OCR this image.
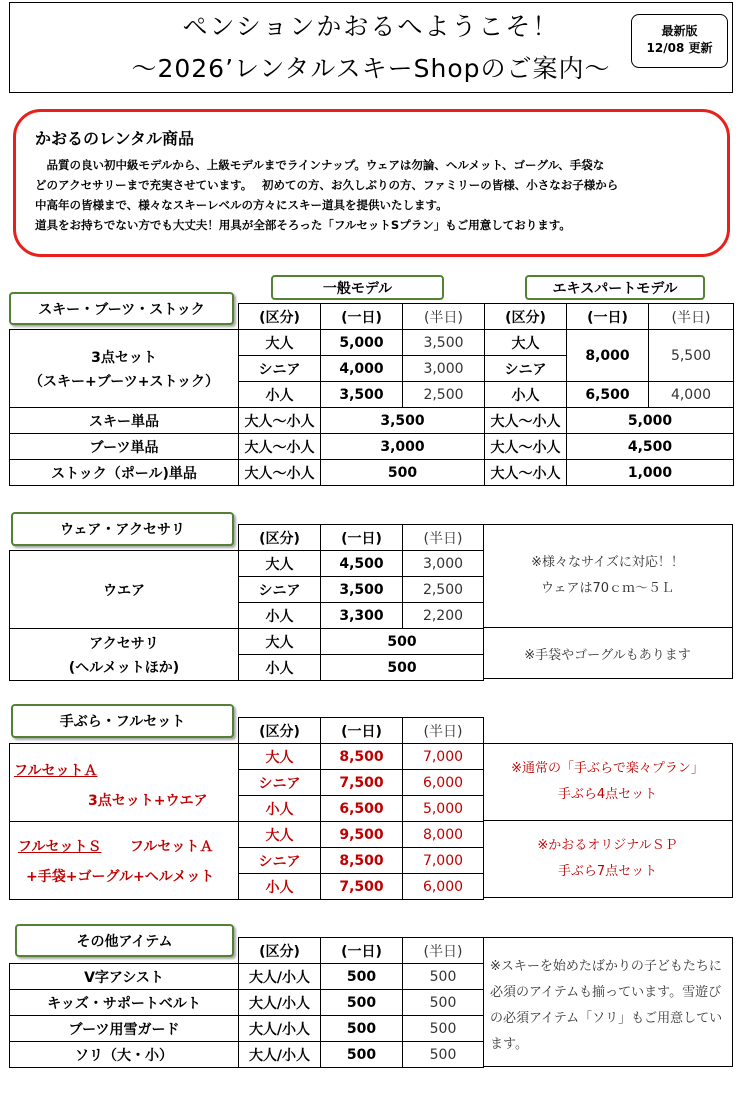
ペンションかおるへようこそ！
～2026’レンタルスキーShopのご案内～
最新版
12/08 更新
かおるのレンタル商品
　品質の良い初中級モデルから、上級モデルまでラインナップ。ウェアは勿論、ヘルメット、ゴーグル、手袋な
どのアクセサリーまで充実させています。　 初めての方、お久しぶりの方、ファミリーの皆様、小さなお子様から
中高年の皆様まで、様々なスキーレベルの方々にスキー道具を提供いたします。
道具をお持ちでない方でも大丈夫！用具が全部そろった「フルセットSプラン」もご用意しております。
一般モデル	エキスパートモデル
スキー・ブーツ・ストック
		(区分)	(一日)	(半日)	(区分)	(一日)	(半日)

3点セット
（スキー+ブーツ+ストック）	大人	5,000	3,500	大人	8,000	5,500
	シニア	4,000	3,000	シニア		
	小人	3,500	2,500	小人	6,500	4,000
スキー単品	大人～小人	3,500		大人～小人	5,000	
ブーツ単品	大人～小人	3,000		大人～小人	4,500	
ストック（ポール)単品	大人～小人	500		大人～小人	1,000	
ウェア・アクセサリ
	(区分)	(一日)	(半日)
ウエア	大人	4,500	3,000
	シニア	3,500	2,500
	小人	3,300	2,200

アクセサリ
(ヘルメットほか)	大人	500	
	小人	500	
※様々なサイズに対応！！
ウェアは70ｃｍ～５Ｌ
※手袋やゴーグルもあります
手ぶら・フルセット
	(区分)	(一日)	(半日)

フルセットＡ
3点セット+ウエア	大人	8,500	7,000
	シニア	7,500	6,000
	小人	6,500	5,000

フルセットＳ フルセットＡ
+手袋+ゴーグル+ヘルメット	大人	9,500	8,000
	シニア	8,500	7,000
	小人	7,500	6,000
※通常の「手ぶらで楽々プラン」
手ぶら4点セット
※かおるオリジナルＳＰ
手ぶら7点セット
その他アイテム
	(区分)	(一日)	(半日)
V字アシスト	大人/小人	500	500
キッズ・サポートベルト	大人/小人	500	500
ブーツ用雪ガード	大人/小人	500	500
ソリ（大・小）	大人/小人	500	500
※スキーを始めたばかりの子どもたちに必須のアイテムも揃っています。雪遊びの必須アイテム「ソリ」もご用意しています。
